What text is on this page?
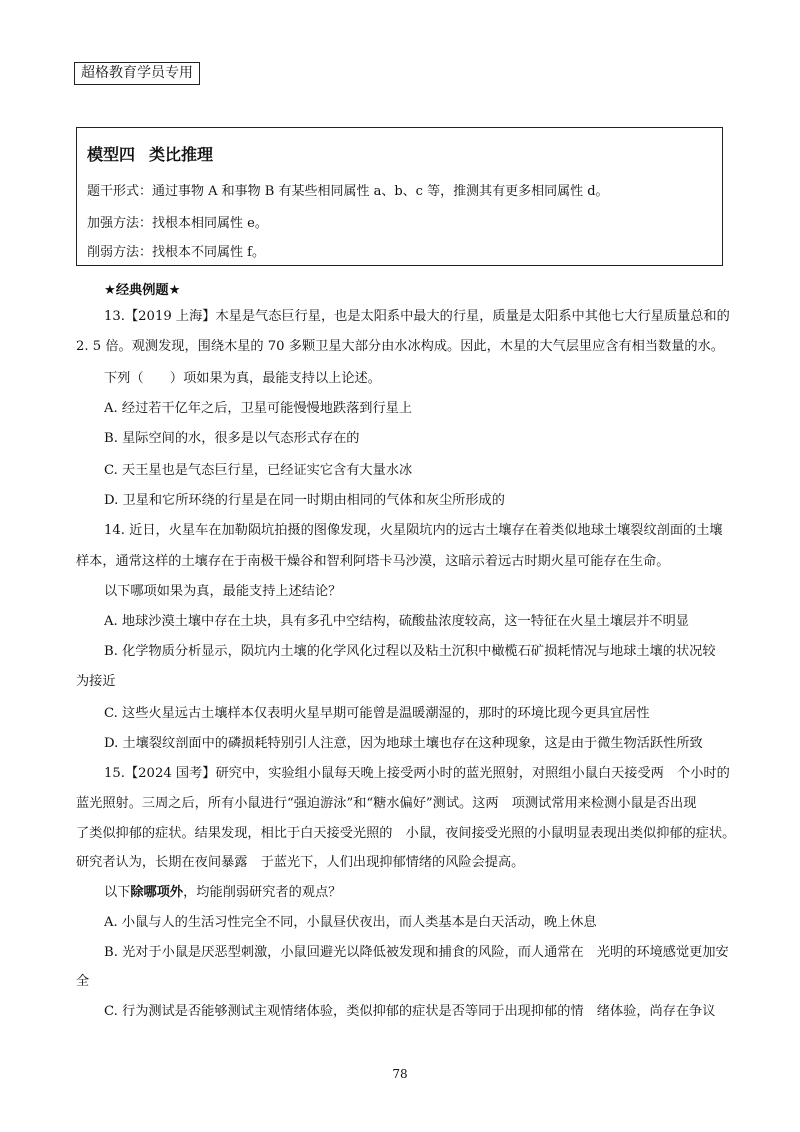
超格教育学员专用
模型四 类比推理
题干形式：通过事物 A 和事物 B 有某些相同属性 a、b、c 等，推测其有更多相同属性 d。
加强方法：找根本相同属性 e。
削弱方法：找根本不同属性 f。
★经典例题★
13.【2019 上海】木星是气态巨行星，也是太阳系中最大的行星，质量是太阳系中其他七大行星质量总和的
2. 5 倍。观测发现，围绕木星的 70 多颗卫星大部分由水冰构成。因此，木星的大气层里应含有相当数量的水。
下列（　　）项如果为真，最能支持以上论述。
A. 经过若干亿年之后，卫星可能慢慢地跌落到行星上
B. 星际空间的水，很多是以气态形式存在的
C. 天王星也是气态巨行星，已经证实它含有大量水冰
D. 卫星和它所环绕的行星是在同一时期由相同的气体和灰尘所形成的
14. 近日，火星车在加勒陨坑拍摄的图像发现，火星陨坑内的远古土壤存在着类似地球土壤裂纹剖面的土壤
样本，通常这样的土壤存在于南极干燥谷和智利阿塔卡马沙漠，这暗示着远古时期火星可能存在生命。
以下哪项如果为真，最能支持上述结论？
A. 地球沙漠土壤中存在土块，具有多孔中空结构，硫酸盐浓度较高，这一特征在火星土壤层并不明显
B. 化学物质分析显示，陨坑内土壤的化学风化过程以及粘土沉积中橄榄石矿损耗情况与地球土壤的状况较
为接近
C. 这些火星远古土壤样本仅表明火星早期可能曾是温暖潮湿的，那时的环境比现今更具宜居性
D. 土壤裂纹剖面中的磷损耗特别引人注意，因为地球土壤也存在这种现象，这是由于微生物活跃性所致
15.【2024 国考】研究中，实验组小鼠每天晚上接受两小时的蓝光照射，对照组小鼠白天接受两　个小时的
蓝光照射。三周之后，所有小鼠进行“强迫游泳”和“糖水偏好”测试。这两　项测试常用来检测小鼠是否出现
了类似抑郁的症状。结果发现，相比于白天接受光照的　小鼠，夜间接受光照的小鼠明显表现出类似抑郁的症状。
研究者认为，长期在夜间暴露　于蓝光下，人们出现抑郁情绪的风险会提高。
以下除哪项外，均能削弱研究者的观点？
A. 小鼠与人的生活习性完全不同，小鼠昼伏夜出，而人类基本是白天活动，晚上休息
B. 光对于小鼠是厌恶型刺激，小鼠回避光以降低被发现和捕食的风险，而人通常在　光明的环境感觉更加安
全
C. 行为测试是否能够测试主观情绪体验，类似抑郁的症状是否等同于出现抑郁的情　绪体验，尚存在争议
78
